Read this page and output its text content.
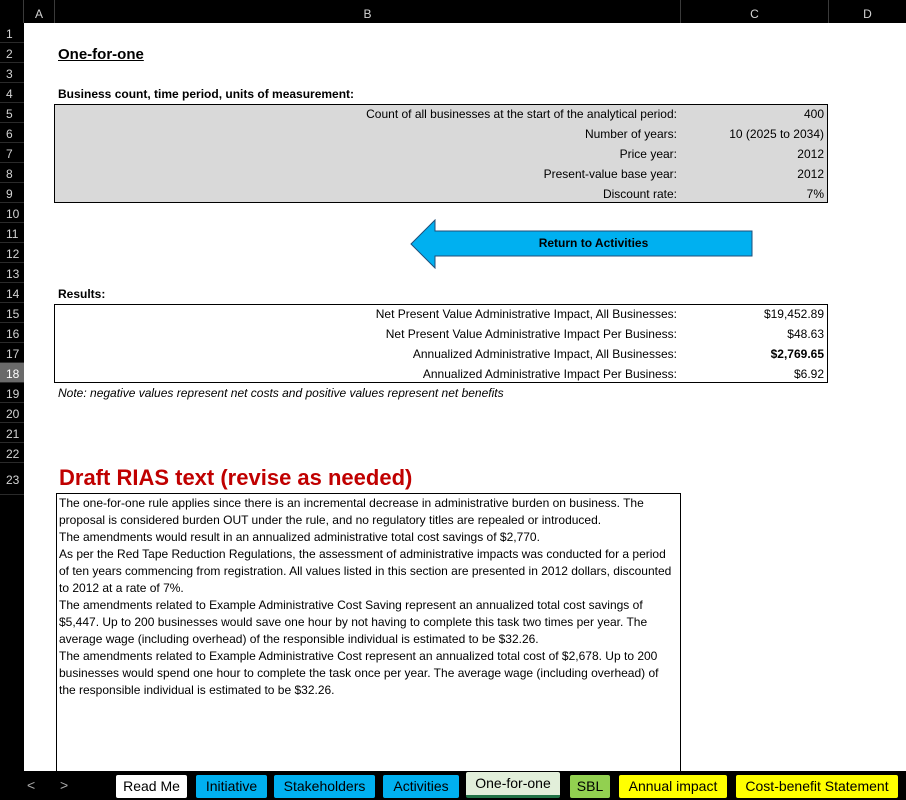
A	B	C	D
1
2
3
4
5
6
7
8
9
10
11
12
13
14
15
16
17
18
19
20
21
22
23
One-for-one
Business count, time period, units of measurement:
Count of all businesses at the start of the analytical period:	400
Number of years:	10 (2025 to 2034)
Price year:	2012
Present-value base year:	2012
Discount rate:	7%
Return to Activities
Results:
Net Present Value Administrative Impact, All Businesses:	$19,452.89
Net Present Value Administrative Impact Per Business:	$48.63
Annualized Administrative Impact, All Businesses:	$2,769.65
Annualized Administrative Impact Per Business:	$6.92
Note: negative values represent net costs and positive values represent net benefits
Draft RIAS text (revise as needed)

The one-for-one rule applies since there is an incremental decrease in administrative burden on business. The proposal is considered burden OUT under the rule, and no regulatory titles are repealed or introduced.

The amendments would result in an annualized administrative total cost savings of $2,770.

As per the Red Tape Reduction Regulations, the assessment of administrative impacts was conducted for a period of ten years commencing from registration. All values listed in this section are presented in 2012 dollars, discounted to 2012 at a rate of 7%.

The amendments related to Example Administrative Cost Saving represent an annualized total cost savings of $5,447. Up to 200 businesses would save one hour by not having to complete this task two times per year. The average wage (including overhead) of the responsible individual is estimated to be $32.26.

The amendments related to Example Administrative Cost represent an annualized total cost of $2,678. Up to 200 businesses would spend one hour to complete the task once per year. The average wage (including overhead) of the responsible individual is estimated to be $32.26.

< >	Read Me	Initiative	Stakeholders	Activities	One-for-one	SBL	Annual impact	Cost-benefit Statement
